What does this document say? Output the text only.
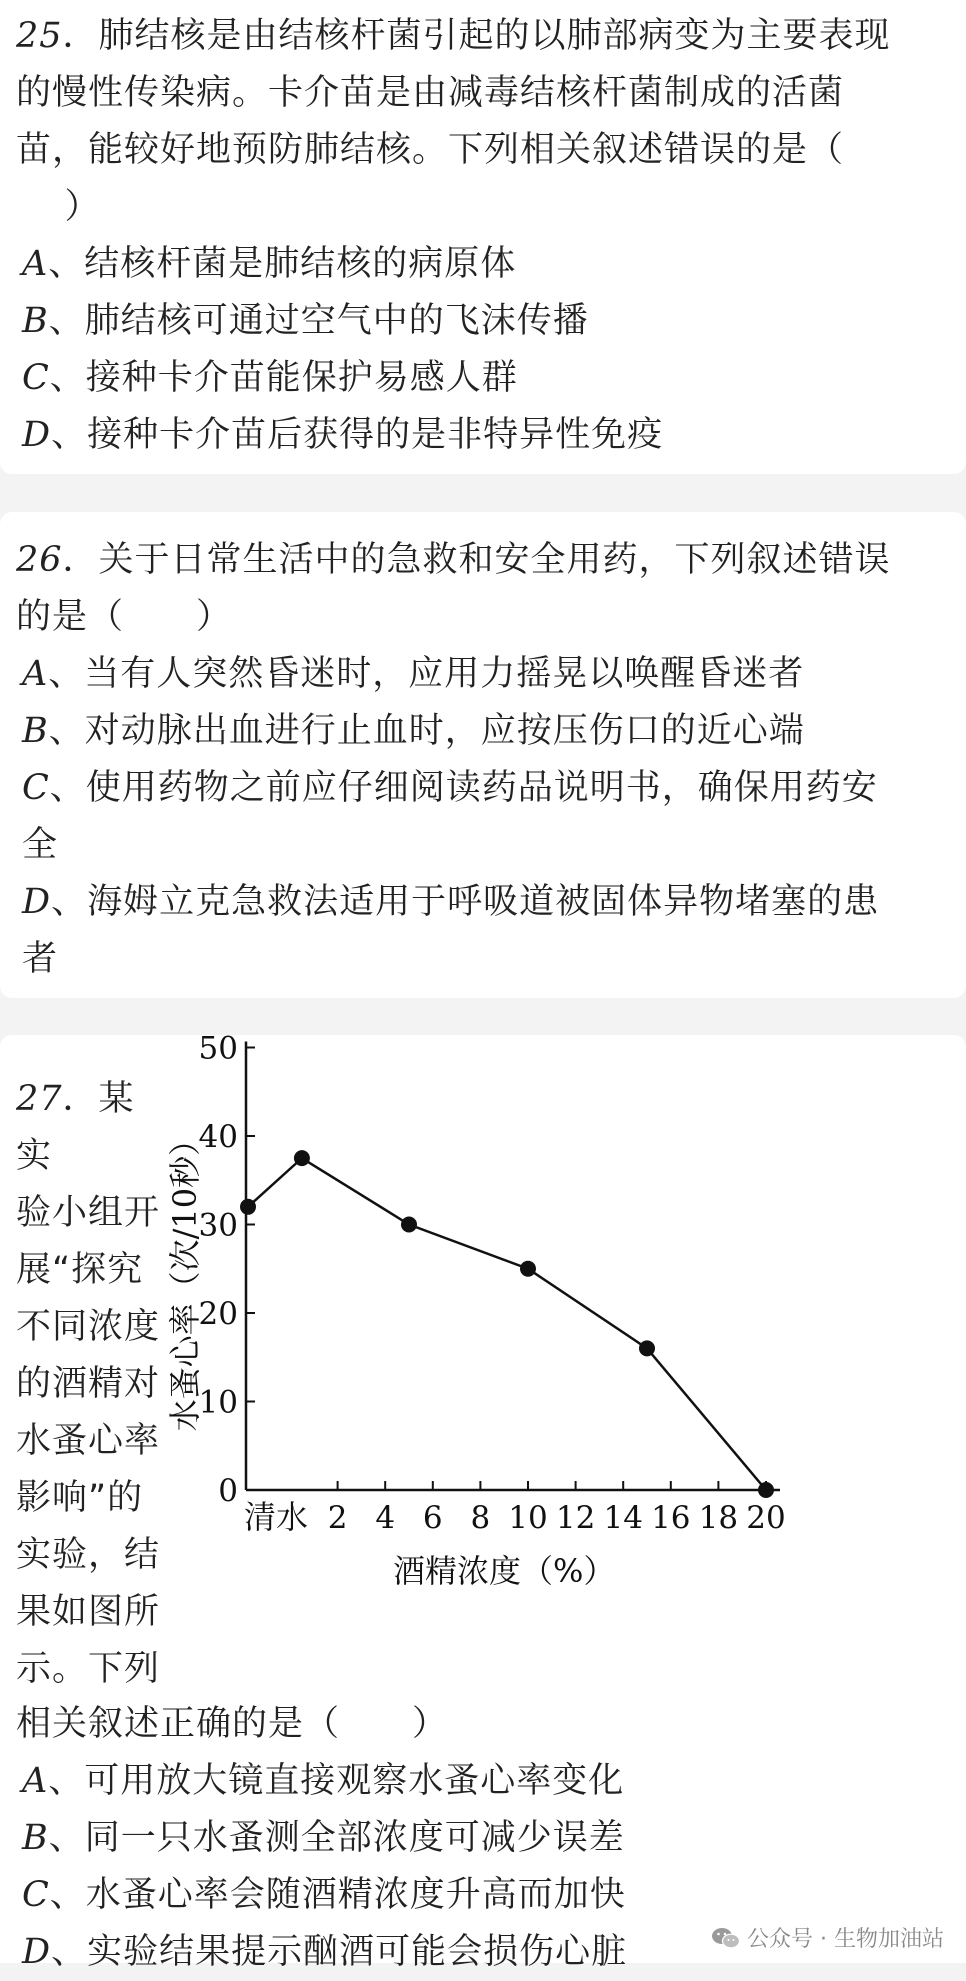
25．肺结核是由结核杆菌引起的以肺部病变为主要表现

的慢性传染病。卡介苗是由减毒结核杆菌制成的活菌

苗，能较好地预防肺结核。下列相关叙述错误的是（

）

A、结核杆菌是肺结核的病原体

B、肺结核可通过空气中的飞沫传播

C、接种卡介苗能保护易感人群

D、接种卡介苗后获得的是非特异性免疫

26．关于日常生活中的急救和安全用药，下列叙述错误

的是（　　）

A、当有人突然昏迷时，应用力摇晃以唤醒昏迷者

B、对动脉出血进行止血时，应按压伤口的近心端

C、使用药物之前应仔细阅读药品说明书，确保用药安
全

D、海姆立克急救法适用于呼吸道被固体异物堵塞的患
者

27．某实
验小组开
展“探究
不同浓度
的酒精对
水蚤心率
影响”的
实验，结
果如图所
示。下列
0
10
20
30
40
50
清水 2 4 6 8 10 12 14 16 18 20
酒精浓度（%）
水蚤心率（次/10秒）
相关叙述正确的是（　　）

A、可用放大镜直接观察水蚤心率变化

B、同一只水蚤测全部浓度可减少误差

C、水蚤心率会随酒精浓度升高而加快

D、实验结果提示酗酒可能会损伤心脏	公众号 · 生物加油站
